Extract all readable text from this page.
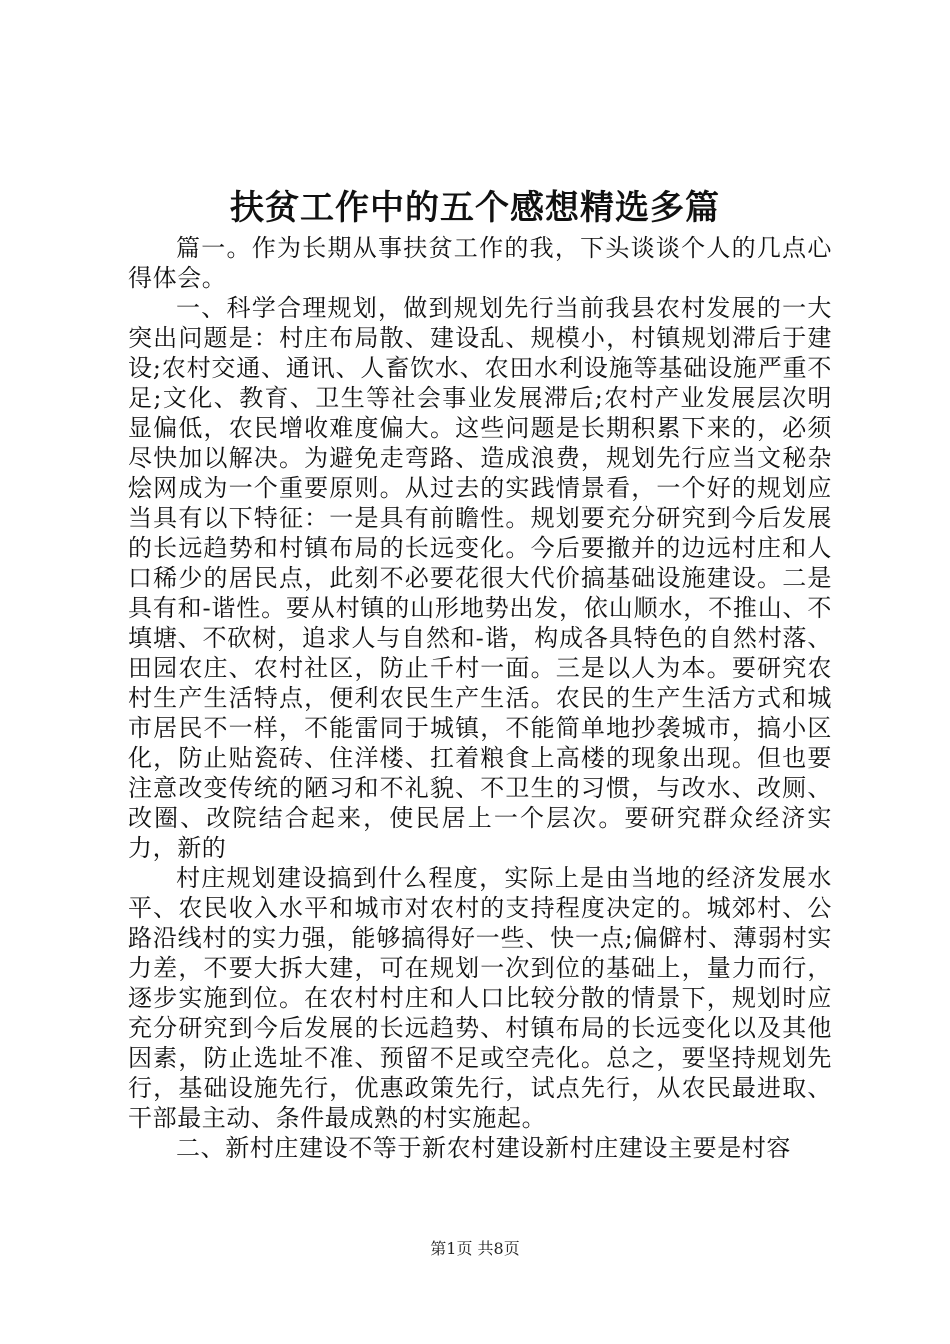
扶贫工作中的五个感想精选多篇

篇一。作为长期从事扶贫工作的我，下头谈谈个人的几点心得体会。

一、科学合理规划，做到规划先行当前我县农村发展的一大突出问题是：村庄布局散、建设乱、规模小，村镇规划滞后于建设;农村交通、通讯、人畜饮水、农田水利设施等基础设施严重不足;文化、教育、卫生等社会事业发展滞后;农村产业发展层次明显偏低，农民增收难度偏大。这些问题是长期积累下来的，必须尽快加以解决。为避免走弯路、造成浪费，规划先行应当文秘杂烩网成为一个重要原则。从过去的实践情景看，一个好的规划应当具有以下特征：一是具有前瞻性。规划要充分研究到今后发展的长远趋势和村镇布局的长远变化。今后要撤并的边远村庄和人口稀少的居民点，此刻不必要花很大代价搞基础设施建设。二是具有和-谐性。要从村镇的山形地势出发，依山顺水，不推山、不填塘、不砍树，追求人与自然和-谐，构成各具特色的自然村落、田园农庄、农村社区，防止千村一面。三是以人为本。要研究农村生产生活特点，便利农民生产生活。农民的生产生活方式和城市居民不一样，不能雷同于城镇，不能简单地抄袭城市，搞小区化，防止贴瓷砖、住洋楼、扛着粮食上高楼的现象出现。但也要注意改变传统的陋习和不礼貌、不卫生的习惯，与改水、改厕、改圈、改院结合起来，使民居上一个层次。要研究群众经济实力，新的

村庄规划建设搞到什么程度，实际上是由当地的经济发展水平、农民收入水平和城市对农村的支持程度决定的。城郊村、公路沿线村的实力强，能够搞得好一些、快一点;偏僻村、薄弱村实力差，不要大拆大建，可在规划一次到位的基础上，量力而行，逐步实施到位。在农村村庄和人口比较分散的情景下，规划时应充分研究到今后发展的长远趋势、村镇布局的长远变化以及其他因素，防止选址不准、预留不足或空壳化。总之，要坚持规划先行，基础设施先行，优惠政策先行，试点先行，从农民最进取、干部最主动、条件最成熟的村实施起。

二、新村庄建设不等于新农村建设新村庄建设主要是村容

第1页 共8页
